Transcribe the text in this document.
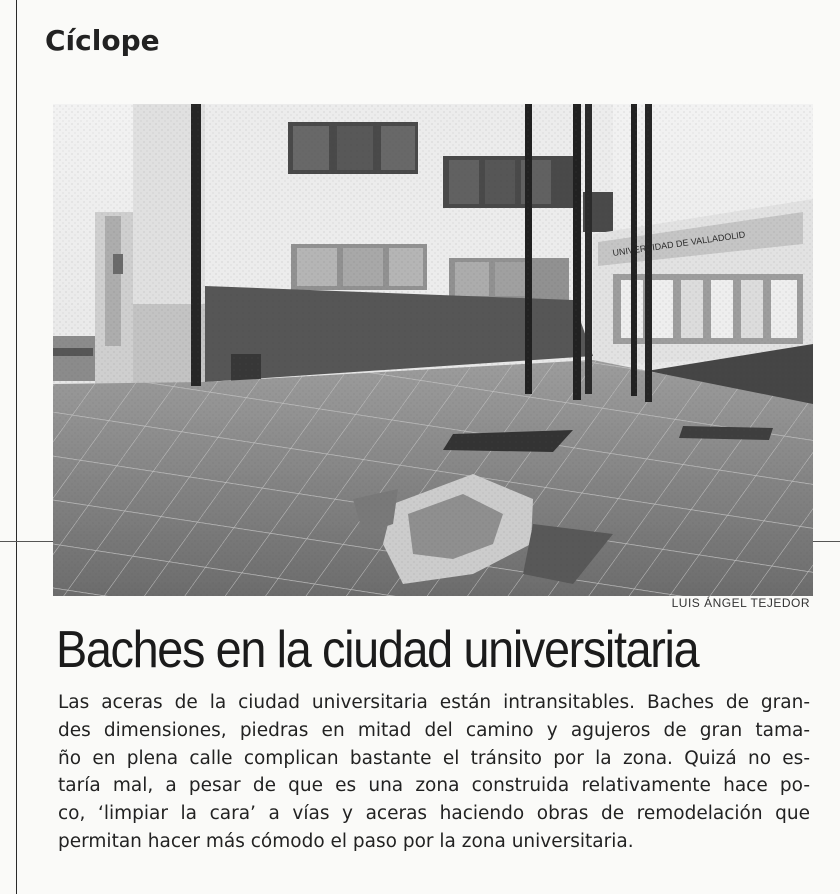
Cíclope
LUIS ÁNGEL TEJEDOR
Baches en la ciudad universitaria

Las aceras de la ciudad universitaria están intransitables. Baches de gran-
des dimensiones, piedras en mitad del camino y agujeros de gran tama-
ño en plena calle complican bastante el tránsito por la zona. Quizá no es-
taría mal, a pesar de que es una zona construida relativamente hace po-
co, ‘limpiar la cara’ a vías y aceras haciendo obras de remodelación que
permitan hacer más cómodo el paso por la zona universitaria.
